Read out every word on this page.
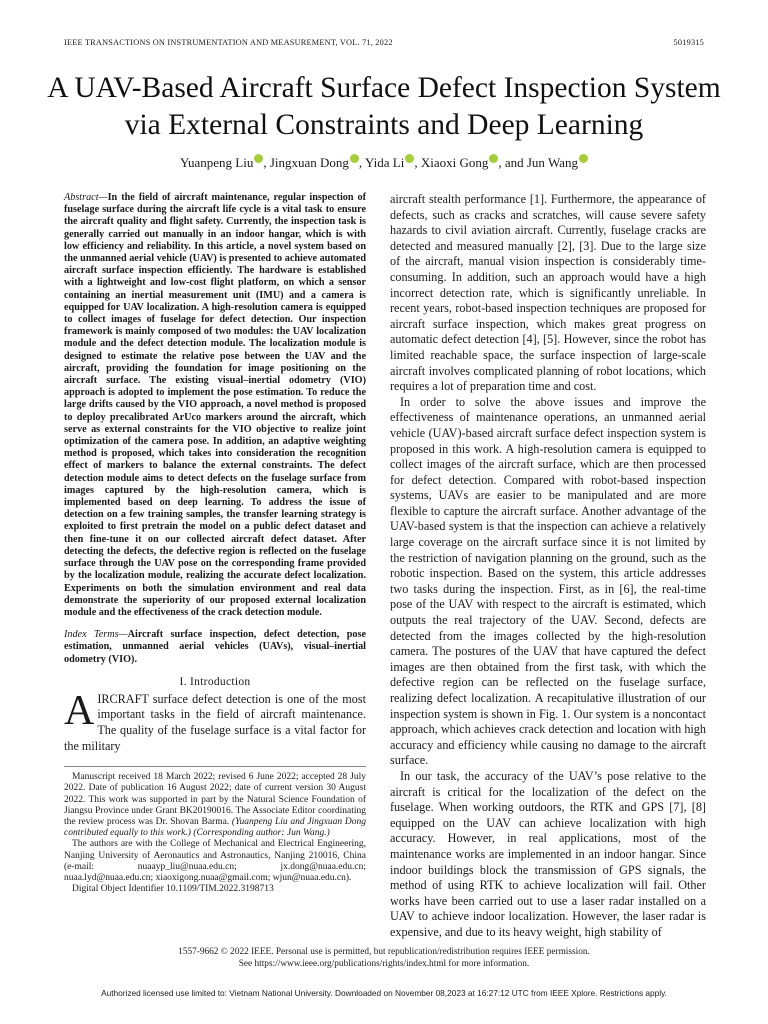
IEEE TRANSACTIONS ON INSTRUMENTATION AND MEASUREMENT, VOL. 71, 2022	5019315
A UAV-Based Aircraft Surface Defect Inspection System via External Constraints and Deep Learning
Yuanpeng Liu , Jingxuan Dong , Yida Li , Xiaoxi Gong , and Jun Wang
Abstract—In the field of aircraft maintenance, regular inspection of fuselage surface during the aircraft life cycle is a vital task to ensure the aircraft quality and flight safety. Currently, the inspection task is generally carried out manually in an indoor hangar, which is with low efficiency and reliability. In this article, a novel system based on the unmanned aerial vehicle (UAV) is presented to achieve automated aircraft surface inspection efficiently. The hardware is established with a lightweight and low-cost flight platform, on which a sensor containing an inertial measurement unit (IMU) and a camera is equipped for UAV localization. A high-resolution camera is equipped to collect images of fuselage for defect detection. Our inspection framework is mainly composed of two modules: the UAV localization module and the defect detection module. The localization module is designed to estimate the relative pose between the UAV and the aircraft, providing the foundation for image positioning on the aircraft surface. The existing visual–inertial odometry (VIO) approach is adopted to implement the pose estimation. To reduce the large drifts caused by the VIO approach, a novel method is proposed to deploy precalibrated ArUco markers around the aircraft, which serve as external constraints for the VIO objective to realize joint optimization of the camera pose. In addition, an adaptive weighting method is proposed, which takes into consideration the recognition effect of markers to balance the external constraints. The defect detection module aims to detect defects on the fuselage surface from images captured by the high-resolution camera, which is implemented based on deep learning. To address the issue of detection on a few training samples, the transfer learning strategy is exploited to first pretrain the model on a public defect dataset and then fine-tune it on our collected aircraft defect dataset. After detecting the defects, the defective region is reflected on the fuselage surface through the UAV pose on the corresponding frame provided by the localization module, realizing the accurate defect localization. Experiments on both the simulation environment and real data demonstrate the superiority of our proposed external localization module and the effectiveness of the crack detection module.
Index Terms—Aircraft surface inspection, defect detection, pose estimation, unmanned aerial vehicles (UAVs), visual–inertial odometry (VIO).
I. Introduction
AIRCRAFT surface defect detection is one of the most important tasks in the field of aircraft maintenance. The quality of the fuselage surface is a vital factor for the military

Manuscript received 18 March 2022; revised 6 June 2022; accepted 28 July 2022. Date of publication 16 August 2022; date of current version 30 August 2022. This work was supported in part by the Natural Science Foundation of Jiangsu Province under Grant BK20190016. The Associate Editor coordinating the review process was Dr. Shovan Barma. (Yuanpeng Liu and Jingxuan Dong contributed equally to this work.) (Corresponding author: Jun Wang.)

The authors are with the College of Mechanical and Electrical Engineering, Nanjing University of Aeronautics and Astronautics, Nanjing 210016, China (e-mail: nuaayp_liu@nuaa.edu.cn; jx.dong@nuaa.edu.cn; nuaa.lyd@nuaa.edu.cn; xiaoxigong.nuaa@gmail.com; wjun@nuaa.edu.cn).

Digital Object Identifier 10.1109/TIM.2022.3198713

aircraft stealth performance [1]. Furthermore, the appearance of defects, such as cracks and scratches, will cause severe safety hazards to civil aviation aircraft. Currently, fuselage cracks are detected and measured manually [2], [3]. Due to the large size of the aircraft, manual vision inspection is considerably time-consuming. In addition, such an approach would have a high incorrect detection rate, which is significantly unreliable. In recent years, robot-based inspection techniques are proposed for aircraft surface inspection, which makes great progress on automatic defect detection [4], [5]. However, since the robot has limited reachable space, the surface inspection of large-scale aircraft involves complicated planning of robot locations, which requires a lot of preparation time and cost.

In order to solve the above issues and improve the effectiveness of maintenance operations, an unmanned aerial vehicle (UAV)-based aircraft surface defect inspection system is proposed in this work. A high-resolution camera is equipped to collect images of the aircraft surface, which are then processed for defect detection. Compared with robot-based inspection systems, UAVs are easier to be manipulated and are more flexible to capture the aircraft surface. Another advantage of the UAV-based system is that the inspection can achieve a relatively large coverage on the aircraft surface since it is not limited by the restriction of navigation planning on the ground, such as the robotic inspection. Based on the system, this article addresses two tasks during the inspection. First, as in [6], the real-time pose of the UAV with respect to the aircraft is estimated, which outputs the real trajectory of the UAV. Second, defects are detected from the images collected by the high-resolution camera. The postures of the UAV that have captured the defect images are then obtained from the first task, with which the defective region can be reflected on the fuselage surface, realizing defect localization. A recapitulative illustration of our inspection system is shown in Fig. 1. Our system is a noncontact approach, which achieves crack detection and location with high accuracy and efficiency while causing no damage to the aircraft surface.

In our task, the accuracy of the UAV’s pose relative to the aircraft is critical for the localization of the defect on the fuselage. When working outdoors, the RTK and GPS [7], [8] equipped on the UAV can achieve localization with high accuracy. However, in real applications, most of the maintenance works are implemented in an indoor hangar. Since indoor buildings block the transmission of GPS signals, the method of using RTK to achieve localization will fail. Other works have been carried out to use a laser radar installed on a UAV to achieve indoor localization. However, the laser radar is expensive, and due to its heavy weight, high stability of

1557-9662 © 2022 IEEE. Personal use is permitted, but republication/redistribution requires IEEE permission.
See https://www.ieee.org/publications/rights/index.html for more information.
Authorized licensed use limited to: Vietnam National University. Downloaded on November 08,2023 at 16:27:12 UTC from IEEE Xplore. Restrictions apply.
